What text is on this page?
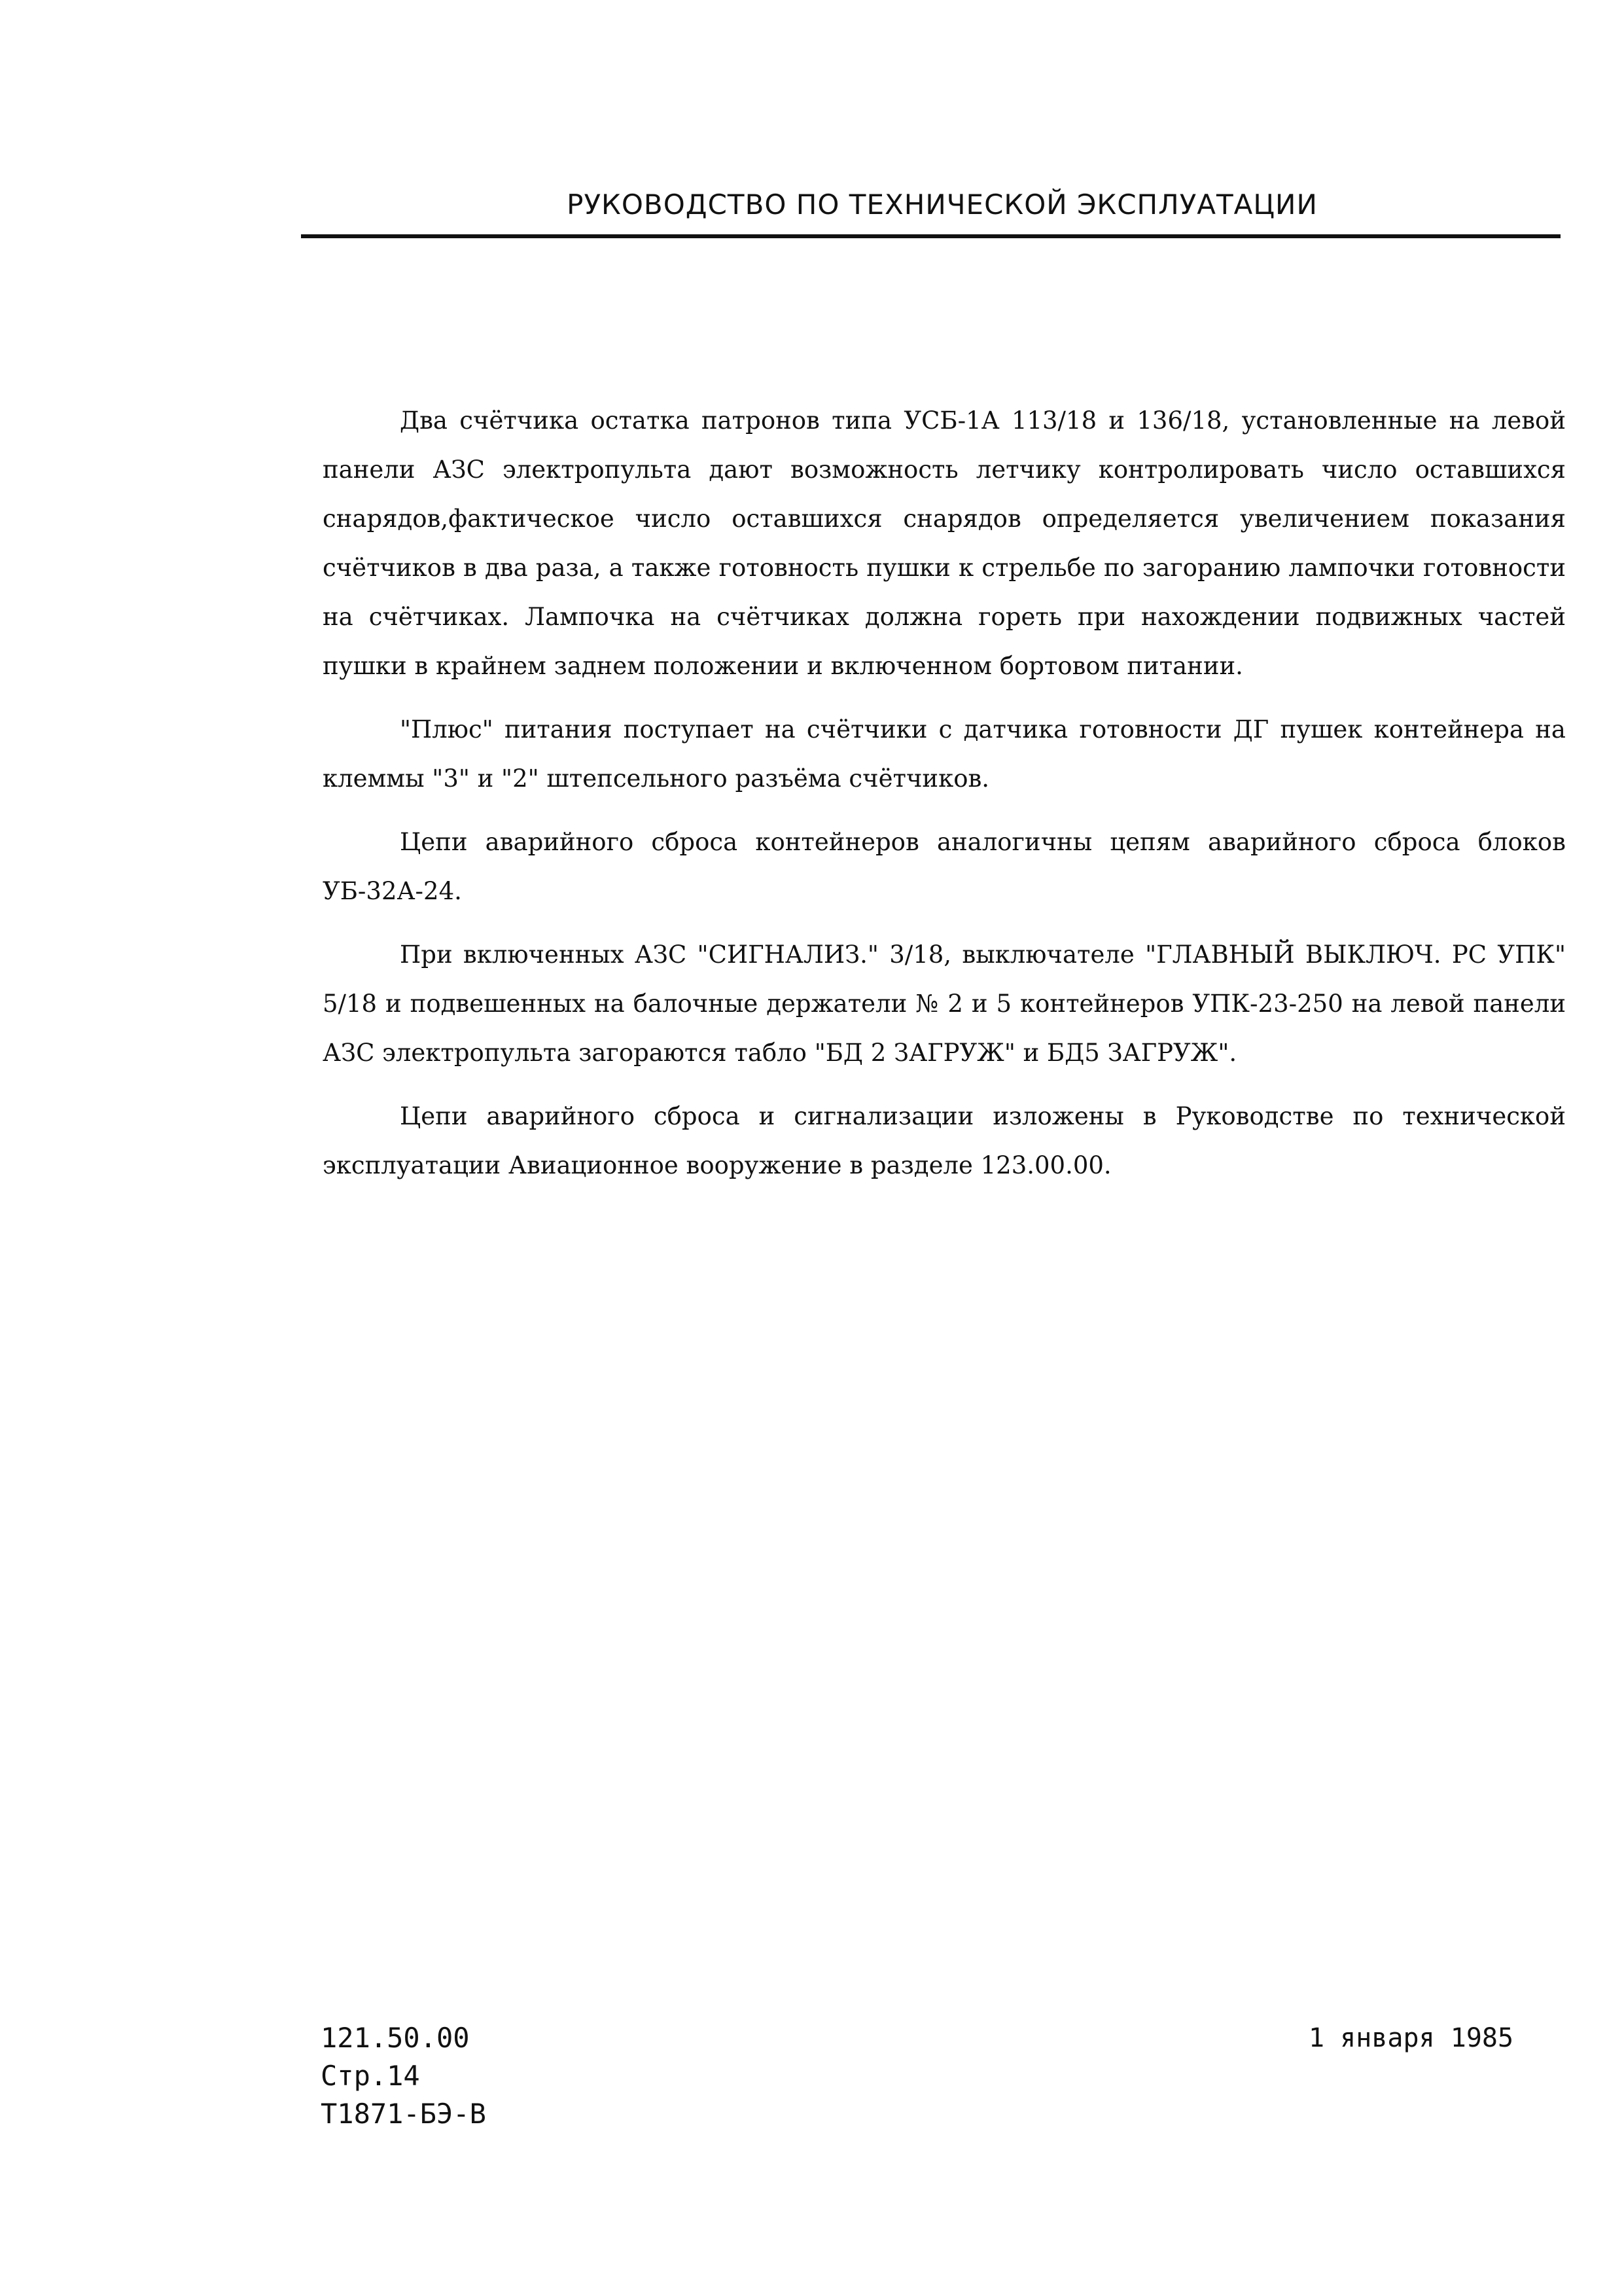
РУКОВОДСТВО ПО ТЕХНИЧЕСКОЙ ЭКСПЛУАТАЦИИ

Два счётчика остатка патронов типа УСБ-1А 113/18 и 136/18, установленные на левой панели АЗС электропульта дают возможность летчику контролировать число оставшихся снарядов,фактическое число оставшихся снарядов определяется увеличением показания счётчиков в два раза, а также готовность пушки к стрельбе по загоранию лампочки готовности на счётчиках. Лампочка на счётчиках должна гореть при нахождении подвижных частей пушки в крайнем заднем положении и включенном бортовом питании.

"Плюс" питания поступает на счётчики с датчика готовности ДГ пушек контейнера на клеммы "3" и "2" штепсельного разъёма счётчиков.

Цепи аварийного сброса контейнеров аналогичны цепям аварийного сброса блоков УБ-32А-24.

При включенных АЗС "СИГНАЛИЗ." 3/18, выключателе "ГЛАВНЫЙ ВЫКЛЮЧ. РС УПК" 5/18 и подвешенных на балочные держатели № 2 и 5 контейнеров УПК-23-250 на левой панели АЗС электропульта загораются табло "БД 2 ЗАГРУЖ" и БД5 ЗАГРУЖ".

Цепи аварийного сброса и сигнализации изложены в Руководстве по технической эксплуатации Авиационное вооружение в разделе 123.00.00.

121.50.00
Стр.14
Т1871-БЭ-В
1 января 1985
